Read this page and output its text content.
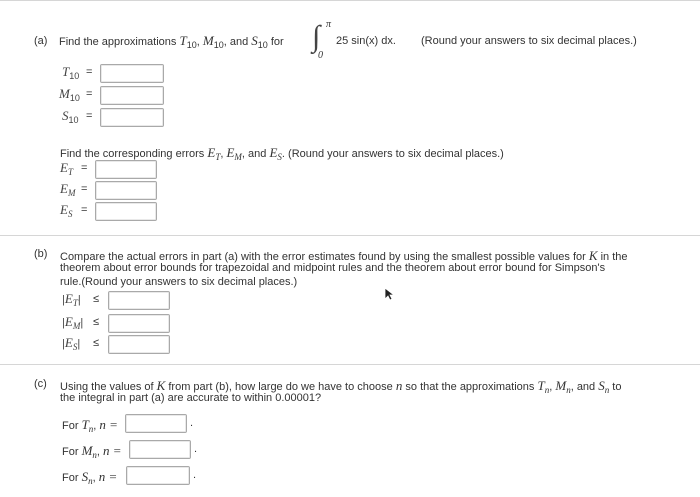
(a) Find the approximations $T_{10}$, $M_{10}$, and $S_{10}$ for ∫ π
0
25 sin(x) dx. (Round your answers to six decimal places.)
$T_{10}$ =
$M_{10}$ =
$S_{10}$ =
Find the corresponding errors $E_T$, $E_M$, and $E_S$. (Round your answers to six decimal places.)
$E_T$ =
$E_M$ =
$E_S$ =
(b) Compare the actual errors in part (a) with the error estimates found by using the smallest possible values for K in the
theorem about error bounds for trapezoidal and midpoint rules and the theorem about error bound for Simpson's
rule.(Round your answers to six decimal places.)
$|E_T|$ ≤
$|E_M|$ ≤
$|E_S|$ ≤
(c) Using the values of K from part (b), how large do we have to choose n so that the approximations $T_n$, $M_n$, and $S_n$ to
the integral in part (a) are accurate to within 0.00001?
For $T_n$, n =	.
For $M_n$, n =	.
For $S_n$, n =	.
